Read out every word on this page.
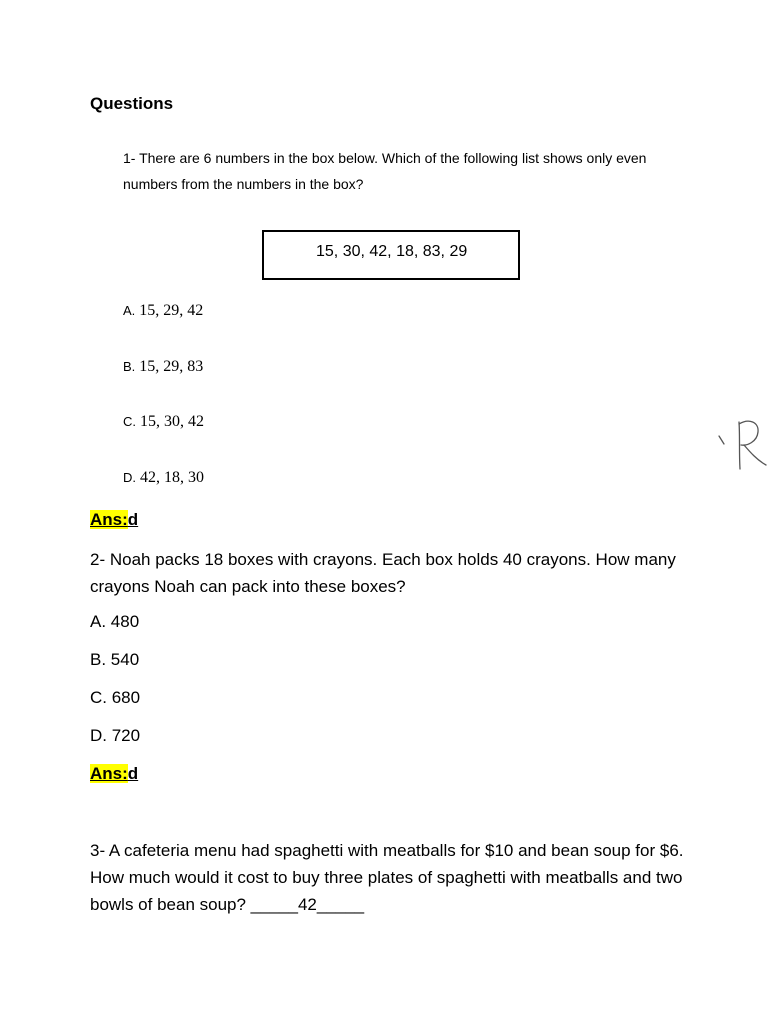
Questions
1- There are 6 numbers in the box below. Which of the following list shows only even numbers from the numbers in the box?
15, 30, 42, 18, 83, 29
A. 15, 29, 42
B. 15, 29, 83
C. 15, 30, 42
D. 42, 18, 30
Ans:d
2- Noah packs 18 boxes with crayons. Each box holds 40 crayons. How many crayons Noah can pack into these boxes?
A. 480
B. 540
C. 680
D. 720
Ans:d
3- A cafeteria menu had spaghetti with meatballs for $10 and bean soup for $6. How much would it cost to buy three plates of spaghetti with meatballs and two bowls of bean soup? _____42_____
